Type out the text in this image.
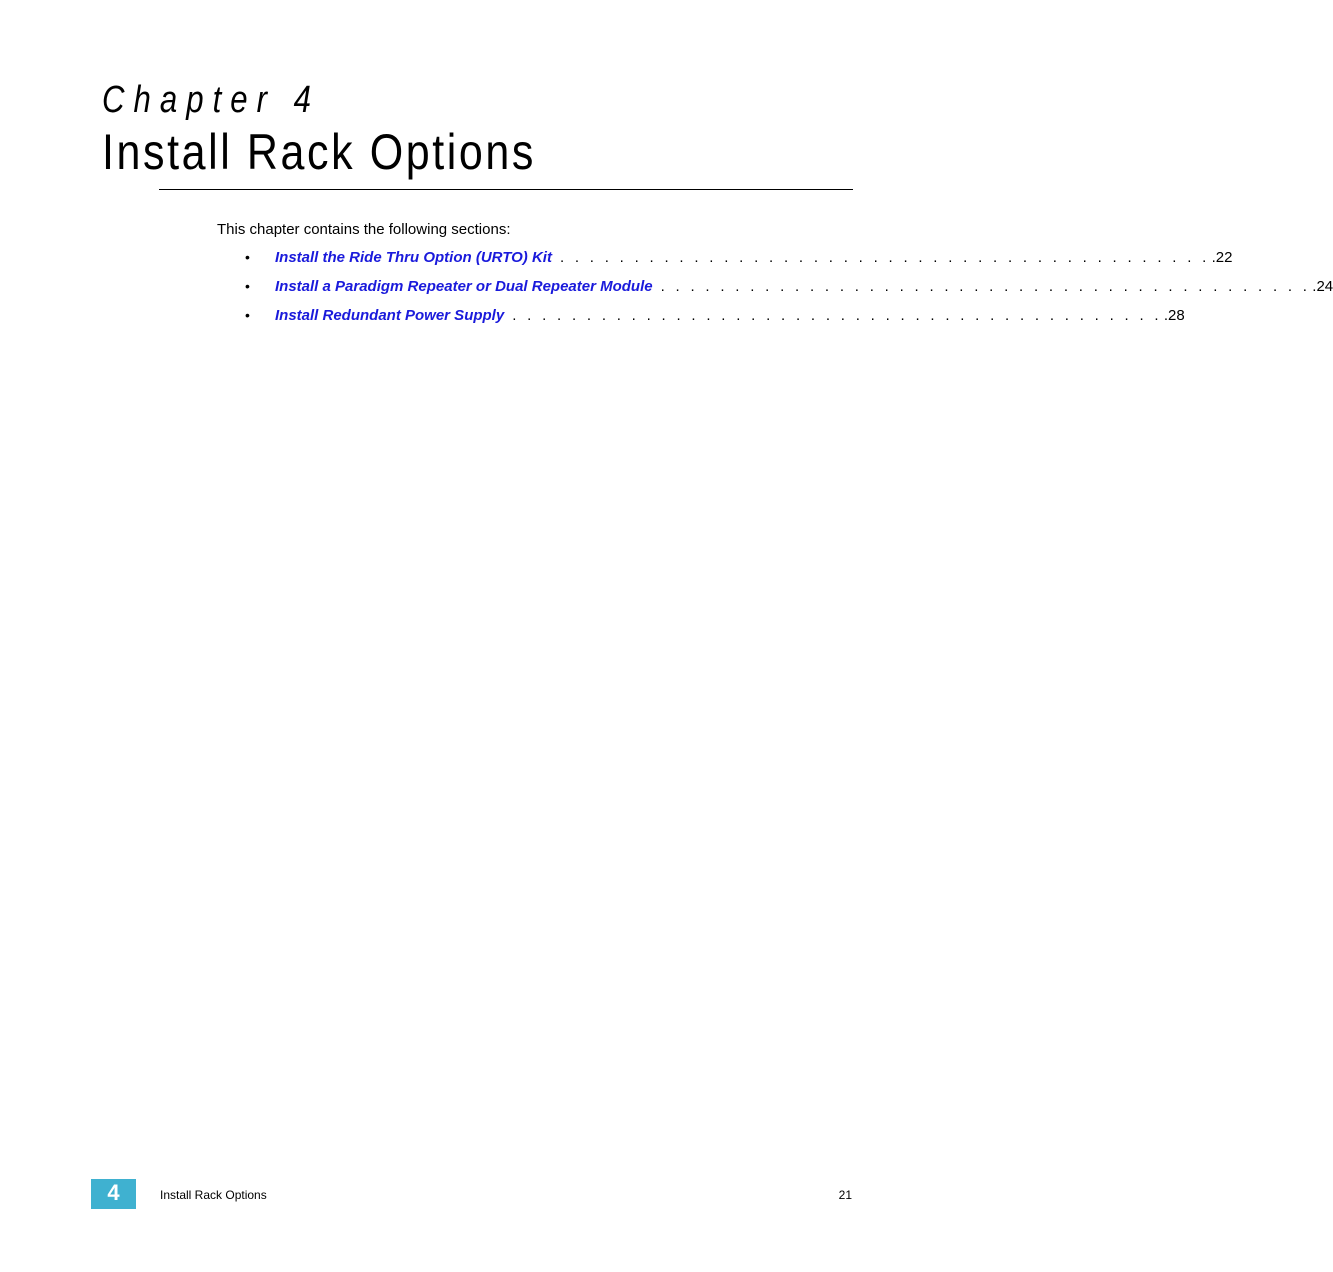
Chapter 4
Install Rack Options
This chapter contains the following sections:
•	Install the Ride Thru Option (URTO) Kit . . . . . . . . . . . . . . . . . . . . . . . . . . . . . . . . . . . . . . . . . . . . .22
•	Install a Paradigm Repeater or Dual Repeater Module . . . . . . . . . . . . . . . . . . . . . . . . . . . . . . . . . . . . . . . . . . . . .24
•	Install Redundant Power Supply . . . . . . . . . . . . . . . . . . . . . . . . . . . . . . . . . . . . . . . . . . . . .28
4	Install Rack Options	21
